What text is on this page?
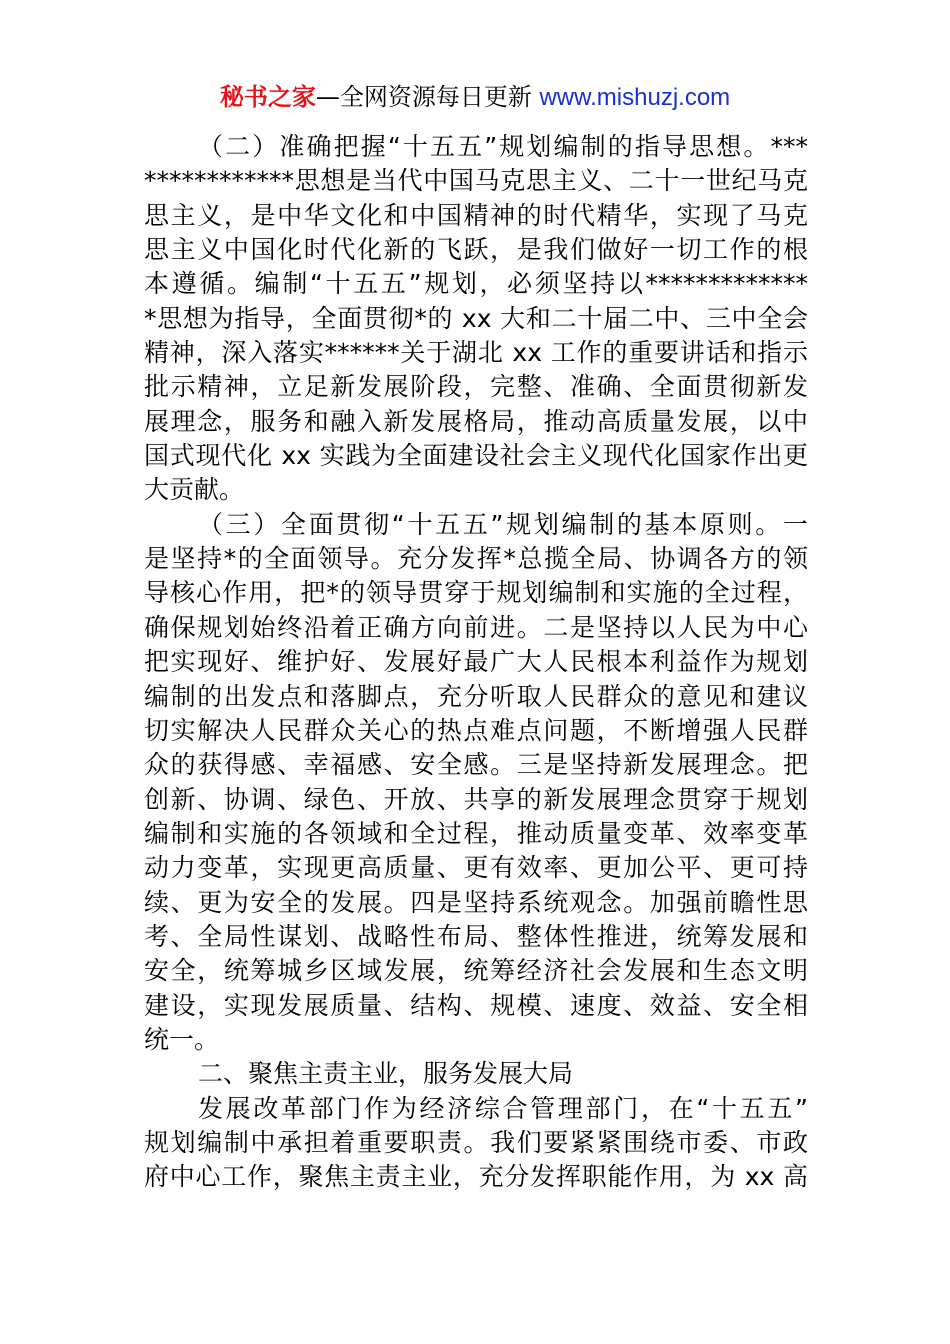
秘书之家—全网资源每日更新 www.mishuzj.com
（二）准确把握“十五五”规划编制的指导思想。***
************思想是当代中国马克思主义、二十一世纪马克
思主义，是中华文化和中国精神的时代精华，实现了马克
思主义中国化时代化新的飞跃，是我们做好一切工作的根
本遵循。编制“十五五”规划，必须坚持以*************
*思想为指导，全面贯彻*的 xx 大和二十届二中、三中全会
精神，深入落实******关于湖北 xx 工作的重要讲话和指示
批示精神，立足新发展阶段，完整、准确、全面贯彻新发
展理念，服务和融入新发展格局，推动高质量发展，以中
国式现代化 xx 实践为全面建设社会主义现代化国家作出更
大贡献。
（三）全面贯彻“十五五”规划编制的基本原则。一
是坚持*的全面领导。充分发挥*总揽全局、协调各方的领
导核心作用，把*的领导贯穿于规划编制和实施的全过程，
确保规划始终沿着正确方向前进。二是坚持以人民为中心
把实现好、维护好、发展好最广大人民根本利益作为规划
编制的出发点和落脚点，充分听取人民群众的意见和建议
切实解决人民群众关心的热点难点问题，不断增强人民群
众的获得感、幸福感、安全感。三是坚持新发展理念。把
创新、协调、绿色、开放、共享的新发展理念贯穿于规划
编制和实施的各领域和全过程，推动质量变革、效率变革
动力变革，实现更高质量、更有效率、更加公平、更可持
续、更为安全的发展。四是坚持系统观念。加强前瞻性思
考、全局性谋划、战略性布局、整体性推进，统筹发展和
安全，统筹城乡区域发展，统筹经济社会发展和生态文明
建设，实现发展质量、结构、规模、速度、效益、安全相
统一。
二、聚焦主责主业，服务发展大局
发展改革部门作为经济综合管理部门，在“十五五”
规划编制中承担着重要职责。我们要紧紧围绕市委、市政
府中心工作，聚焦主责主业，充分发挥职能作用，为 xx 高
